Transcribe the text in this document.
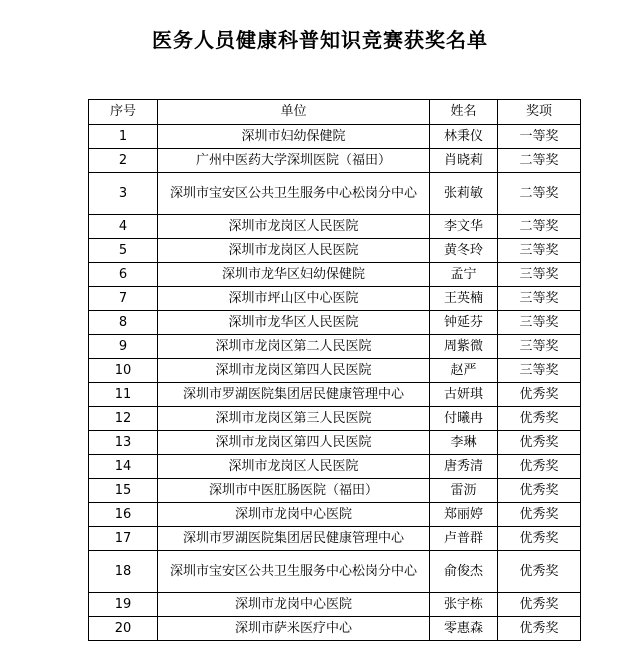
医务人员健康科普知识竞赛获奖名单
序号	单位	姓名	奖项
1	深圳市妇幼保健院	林秉仪	一等奖
2	广州中医药大学深圳医院（福田）	肖晓莉	二等奖
3	深圳市宝安区公共卫生服务中心松岗分中心	张莉敏	二等奖
4	深圳市龙岗区人民医院	李文华	二等奖
5	深圳市龙岗区人民医院	黄冬玲	三等奖
6	深圳市龙华区妇幼保健院	孟宁	三等奖
7	深圳市坪山区中心医院	王英楠	三等奖
8	深圳市龙华区人民医院	钟延芬	三等奖
9	深圳市龙岗区第二人民医院	周紫微	三等奖
10	深圳市龙岗区第四人民医院	赵严	三等奖
11	深圳市罗湖医院集团居民健康管理中心	古妍琪	优秀奖
12	深圳市龙岗区第三人民医院	付曦冉	优秀奖
13	深圳市龙岗区第四人民医院	李琳	优秀奖
14	深圳市龙岗区人民医院	唐秀清	优秀奖
15	深圳市中医肛肠医院（福田）	雷沥	优秀奖
16	深圳市龙岗中心医院	郑丽婷	优秀奖
17	深圳市罗湖医院集团居民健康管理中心	卢普群	优秀奖
18	深圳市宝安区公共卫生服务中心松岗分中心	俞俊杰	优秀奖
19	深圳市龙岗中心医院	张宇栋	优秀奖
20	深圳市萨米医疗中心	零惠森	优秀奖
